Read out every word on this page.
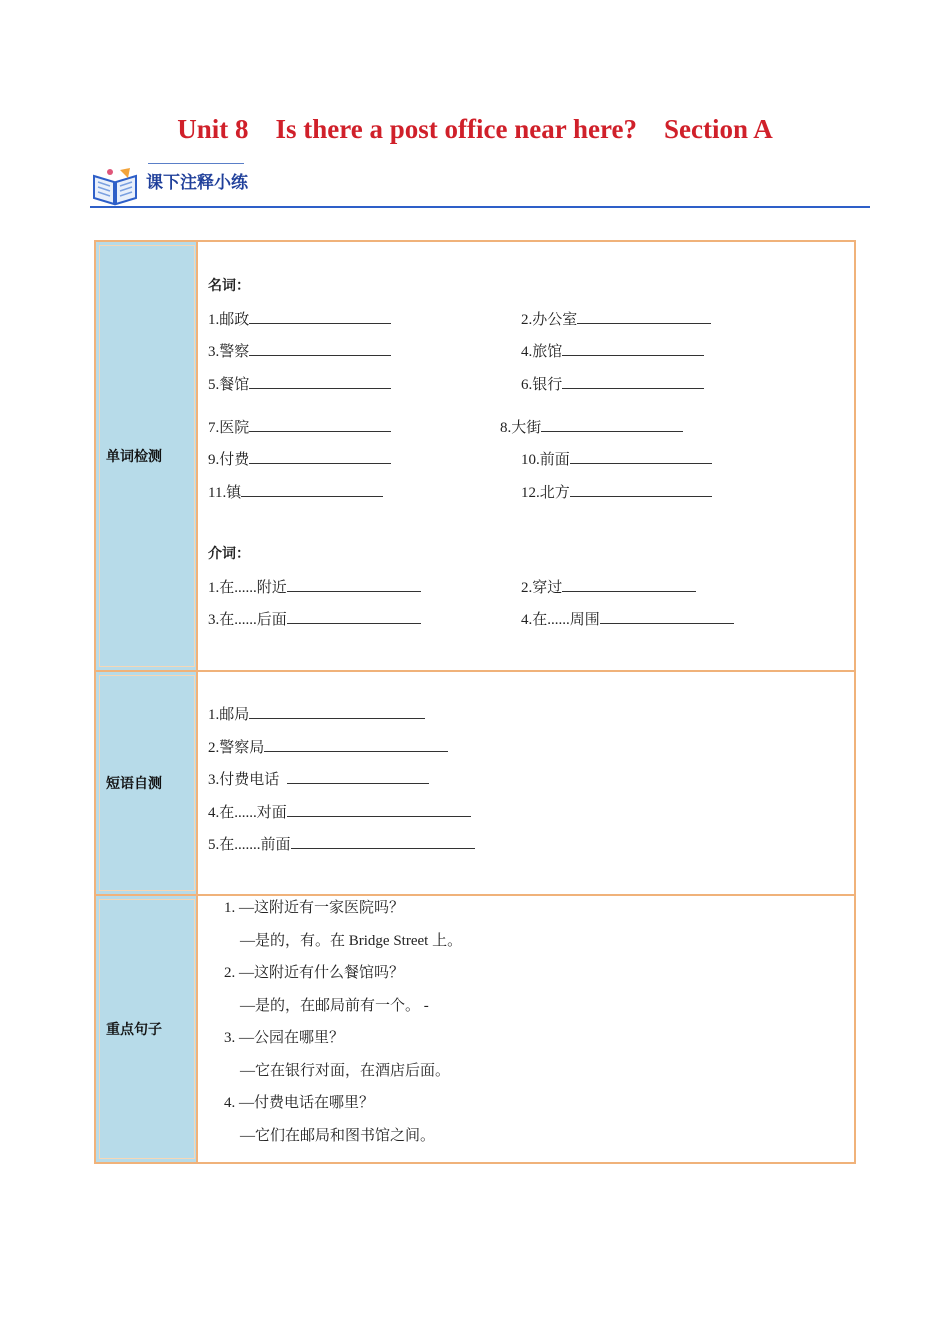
Unit 8    Is there a post office near here?    Section A
课下注释小练
单词检测
名词：
1.邮政	2.办公室
3.警察	4.旅馆
5.餐馆	6.银行
7.医院	8.大街
9.付费	10.前面
11.镇	12.北方
介词：
1.在......附近	2.穿过
3.在......后面	4.在......周围
短语自测
1.邮局
2.警察局
3.付费电话
4.在......对面
5.在.......前面
重点句子
1. —这附近有一家医院吗？
—是的，有。在 Bridge Street 上。
2. —这附近有什么餐馆吗？
—是的，在邮局前有一个。 -
3. —公园在哪里？
—它在银行对面，在酒店后面。
4. —付费电话在哪里？
—它们在邮局和图书馆之间。
